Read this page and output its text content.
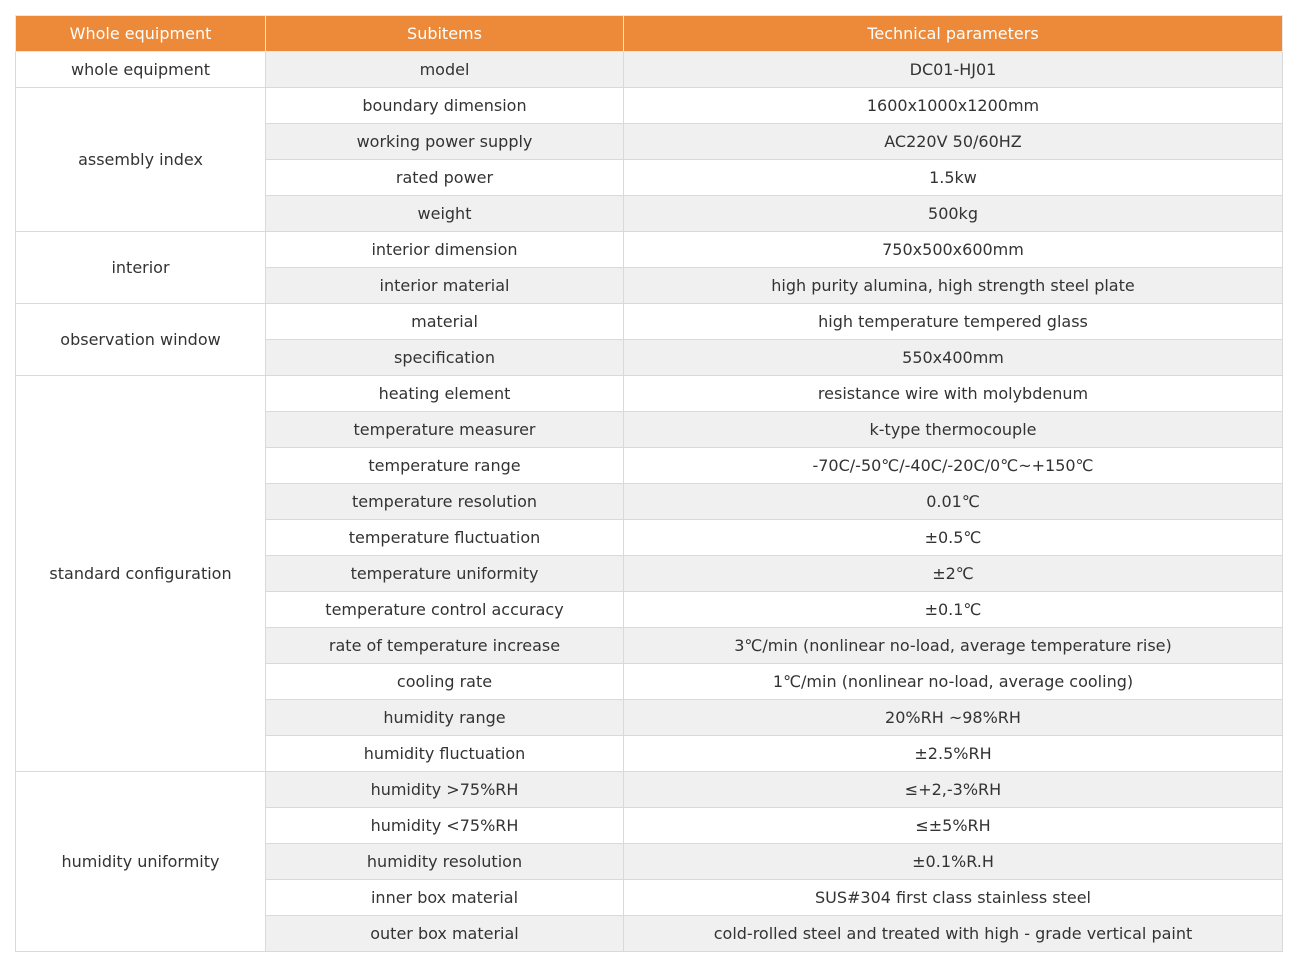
Whole equipment	Subitems	Technical parameters
whole equipment	model	DC01-HJ01
assembly index	boundary dimension	1600x1000x1200mm
	working power supply	AC220V 50/60HZ
	rated power	1.5kw
	weight	500kg
interior	interior dimension	750x500x600mm
	interior material	high purity alumina, high strength steel plate
observation window	material	high temperature tempered glass
	specification	550x400mm
standard configuration	heating element	resistance wire with molybdenum
	temperature measurer	k-type thermocouple
	temperature range	-70C/-50℃/-40C/-20C/0℃~+150℃
	temperature resolution	0.01℃
	temperature fluctuation	±0.5℃
	temperature uniformity	±2℃
	temperature control accuracy	±0.1℃
	rate of temperature increase	3℃/min (nonlinear no-load, average temperature rise)
	cooling rate	1℃/min (nonlinear no-load, average cooling)
	humidity range	20%RH ~98%RH
	humidity fluctuation	±2.5%RH
humidity uniformity	humidity >75%RH	≤+2,-3%RH
	humidity <75%RH	≤±5%RH
	humidity resolution	±0.1%R.H
	inner box material	SUS#304 first class stainless steel
	outer box material	cold-rolled steel and treated with high - grade vertical paint
